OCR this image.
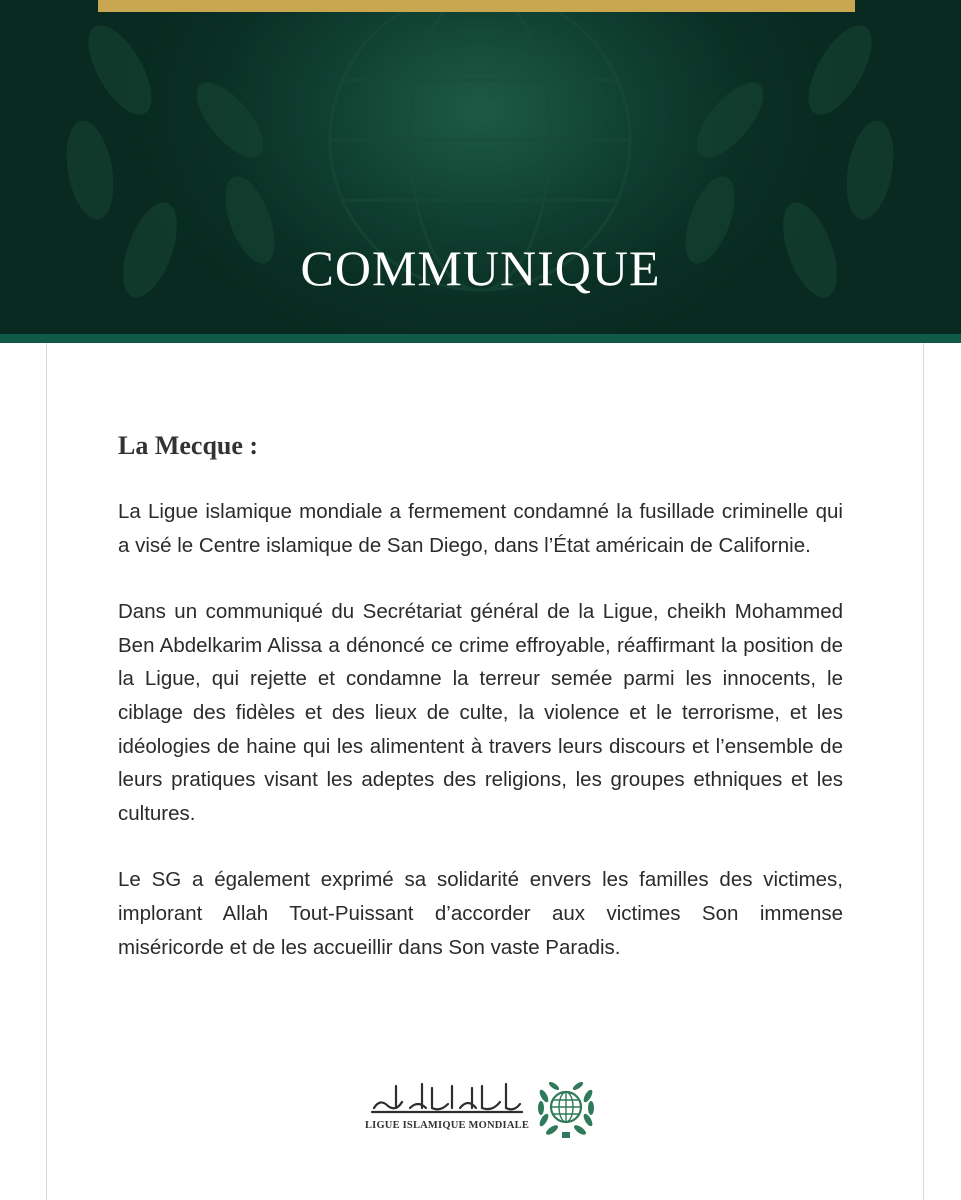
COMMUNIQUE
La Mecque :

La Ligue islamique mondiale a fermement condamné la fusillade criminelle qui a visé le Centre islamique de San Diego, dans l’État américain de Californie.

Dans un communiqué du Secrétariat général de la Ligue, cheikh Mohammed Ben Abdelkarim Alissa a dénoncé ce crime effroyable, réaffirmant la position de la Ligue, qui rejette et condamne la terreur semée parmi les innocents, le ciblage des fidèles et des lieux de culte, la violence et le terrorisme, et les idéologies de haine qui les alimentent à travers leurs discours et l’ensemble de leurs pratiques visant les adeptes des religions, les groupes ethniques et les cultures.

Le SG a également exprimé sa solidarité envers les familles des victimes, implorant Allah Tout-Puissant d’accorder aux victimes Son immense miséricorde et de les accueillir dans Son vaste Paradis.

LIGUE ISLAMIQUE MONDIALE
